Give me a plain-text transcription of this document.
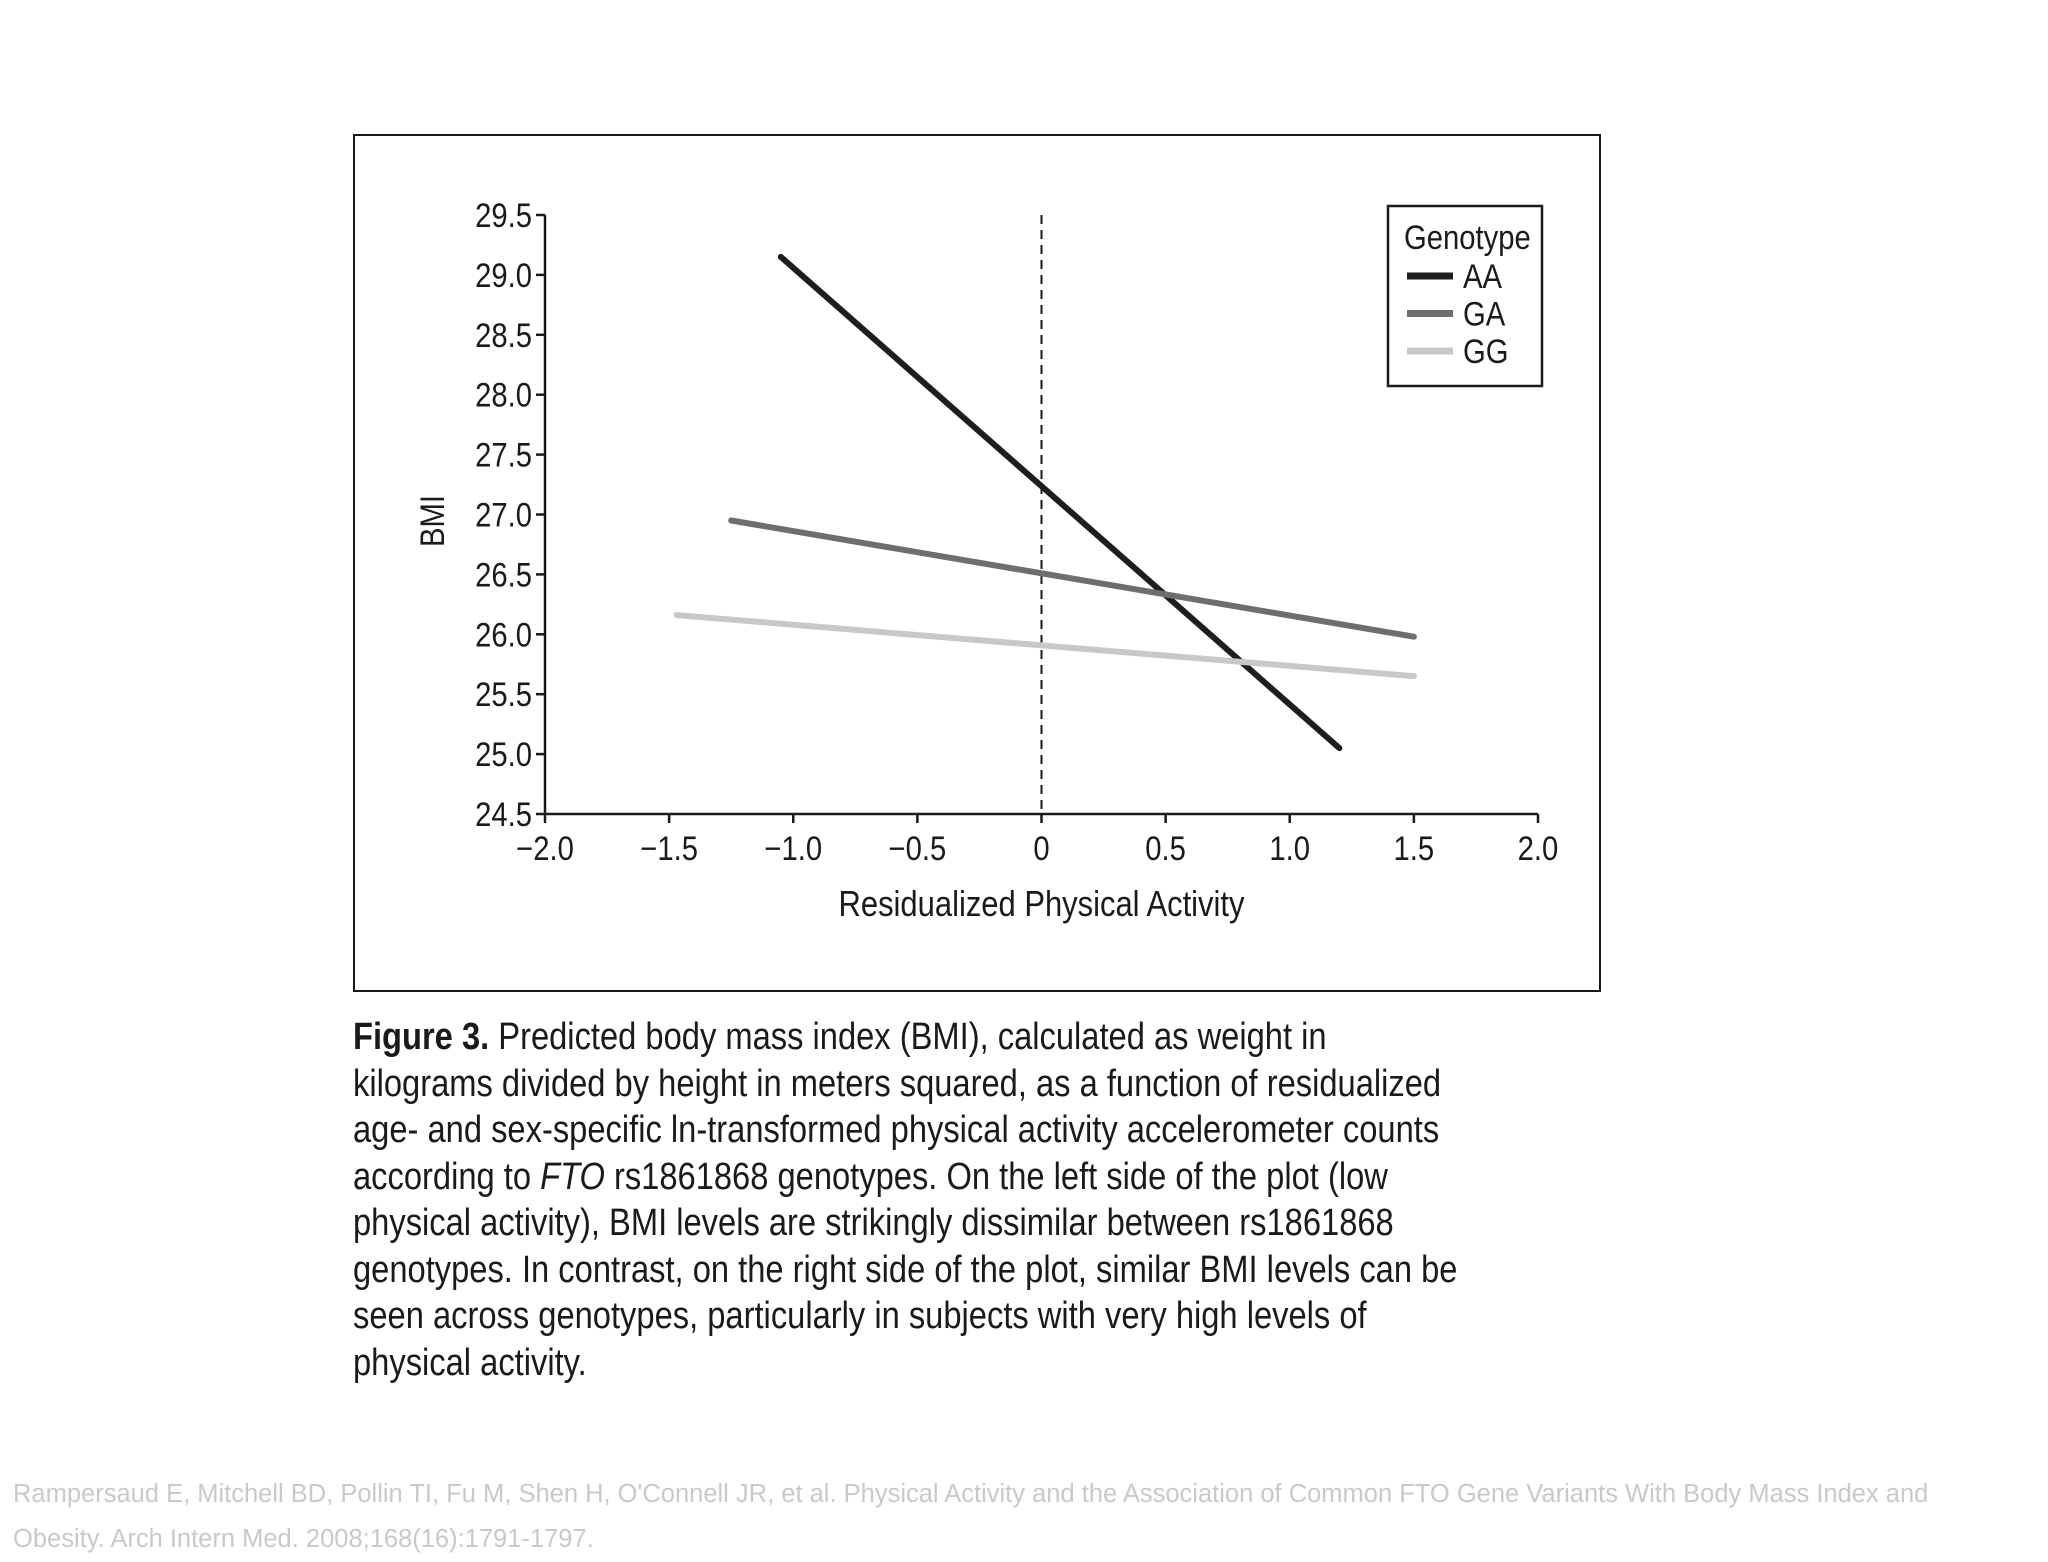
24.5
25.0
25.5
26.0
26.5
27.0
27.5
28.0
28.5
29.0
29.5
−2.0 −1.5 −1.0 −0.5	0	0.5 1.0 1.5 2.0
Residualized Physical Activity
BMI
Genotype
AA
GA
GG
Figure 3. Predicted body mass index (BMI), calculated as weight in kilograms divided by height in meters squared, as a function of residualized age- and sex-specific ln-transformed physical activity accelerometer counts according to FTO rs1861868 genotypes. On the left side of the plot (low physical activity), BMI levels are strikingly dissimilar between rs1861868 genotypes. In contrast, on the right side of the plot, similar BMI levels can be seen across genotypes, particularly in subjects with very high levels of physical activity.
Rampersaud E, Mitchell BD, Pollin TI, Fu M, Shen H, O'Connell JR, et al. Physical Activity and the Association of Common FTO Gene Variants With Body Mass Index and Obesity. Arch Intern Med. 2008;168(16):1791-1797.
